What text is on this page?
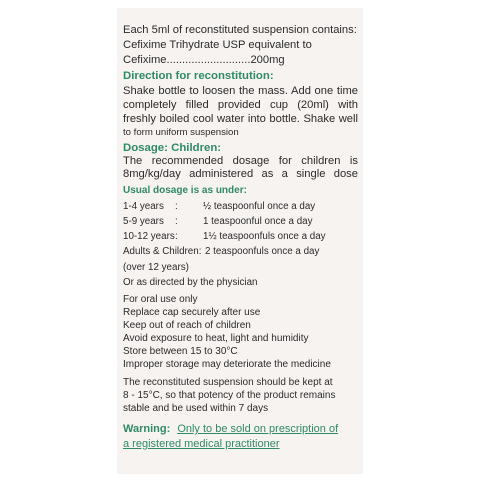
Each 5ml of reconstituted suspension contains:
Cefixime Trihydrate USP equivalent to
Cefixime...........................200mg
Direction for reconstitution:
Shake bottle to loosen the mass. Add one time
completely filled provided cup (20ml) with
freshly boiled cool water into bottle. Shake well
to form uniform suspension
Dosage: Children:
The recommended dosage for children is
8mg/kg/day administered as a single dose
Usual dosage is as under:
1-4 years :	½ teaspoonful once a day
5-9 years :	1 teaspoonful once a day
10-12 years :	1½ teaspoonfuls once a day
Adults & Children: 2 teaspoonfuls once a day
(over 12 years)
Or as directed by the physician
For oral use only
Replace cap securely after use
Keep out of reach of children
Avoid exposure to heat, light and humidity
Store between 15 to 30°C
Improper storage may deteriorate the medicine
The reconstituted suspension should be kept at
8 - 15°C, so that potency of the product remains
stable and be used within 7 days
Warning: Only to be sold on prescription of
a registered medical practitioner
